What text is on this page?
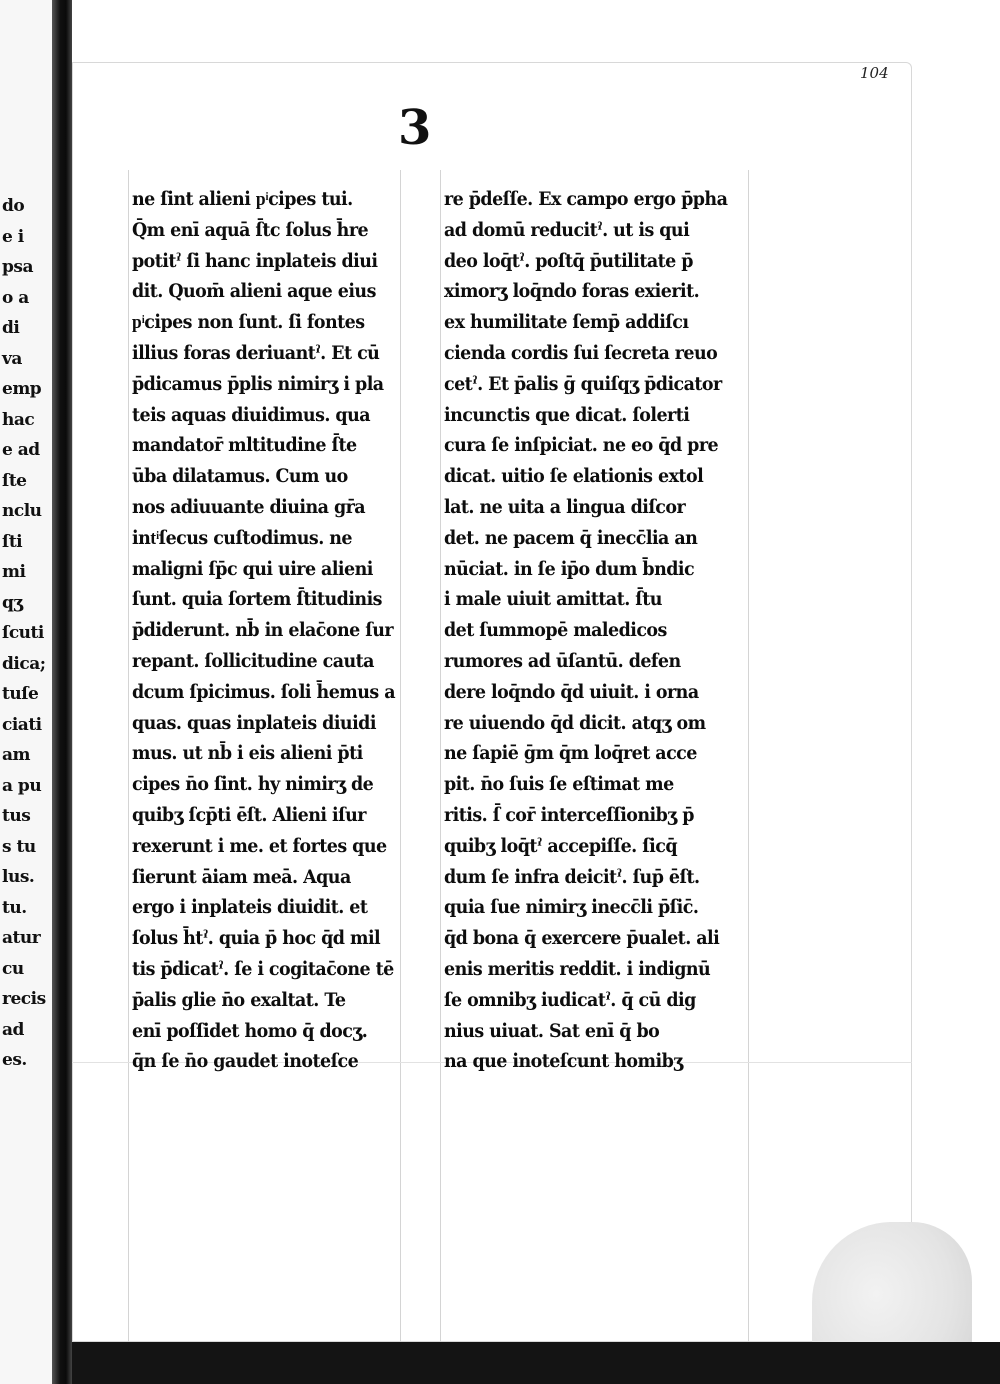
do
e i
psa
o a
di
va
emp
hac
e ad
ſte
nclu
ſti
mi
qʒ
ſcuti
dica;
tuſe
ciati
am
a pu
tus
s tu
lus.
tu.
atur
cu
recis
ad
es.
104
3
ne ſint alieni pͥcipes tui.
Q̄m enī aquā ſ̄tc ſolus h̄re
potitˀ ſi hanc inplateis diui
dit. Quom̄ alieni aque eius
pͥcipes non ſunt. ſi fontes
illius foras deriuantˀ. Et cū
p̄dicamus p̄plis nimirʒ i pla
teis aquas diuidimus. qua
mandator̄ mltitudine ſ̄te
ūba dilatamus. Cum uo
nos adiuuante diuina gr̄a
intͥſecus cuſtodimus. ne
maligni ſp̄c qui uire alieni
ſunt. quia ſortem ſ̄titudinis
p̄diderunt. nb̄ in elac̄one ſur
repant. ſollicitudine cauta
dcum ſpicimus. ſoli h̄emus a
quas. quas inplateis diuidi
mus. ut nb̄ i eis alieni p̄ti
cipes n̄o ſint. hy nimirʒ de
quibʒ ſcp̄ti ēſt. Alieni iſur
rexerunt i me. et fortes que
ſierunt āiam meā. Aqua
ergo i inplateis diuidit. et
ſolus h̄tˀ. quia p̄ hoc q̄d mil
tis p̄dicatˀ. ſe i cogitac̄one tē
p̄alis glie n̄o exaltat. Te
enī poſſidet homo q̄ docʒ.
q̄n ſe n̄o gaudet inoteſce
re p̄deſſe. Ex campo ergo p̄pha
ad domū reducitˀ. ut is qui
deo loq̄tˀ. poſtq̄ p̄utilitate p̄
ximorʒ loq̄ndo foras exierit.
ex humilitate ſemp̄ addiſcı
cienda cordis ſui ſecreta reuo
cetˀ. Et p̄alis ḡ quiſqʒ p̄dicator
incunctis que dicat. ſolerti
cura ſe inſpiciat. ne eo q̄d pre
dicat. uitio ſe elationis extol
lat. ne uita a lingua diſcor
det. ne pacem q̄ inecc̄lia an
nūciat. in ſe ip̄o dum b̄ndic
i male uiuit amittat. ſ̄tu
det ſummopē maledicos
rumores ad ūſantū. defen
dere loq̄ndo q̄d uiuit. i orna
re uiuendo q̄d dicit. atqʒ om
ne ſapiē ḡm q̄m loq̄ret acce
pit. n̄o ſuis ſe eſtimat me
ritis. ſ̄ cor̄ interceſſionibʒ p̄
quibʒ loq̄tˀ accepiſſe. ſicq̄
dum ſe infra deicitˀ. ſup̄ ēſt.
quia ſue nimirʒ inecc̄li p̄ſic̄.
q̄d bona q̄ exercere p̄ualet. ali
enis meritis reddit. i indignū
ſe omnibʒ iudicatˀ. q̄ cū dig
nius uiuat. Sat enī q̄ bo
na que inoteſcunt homibʒ
